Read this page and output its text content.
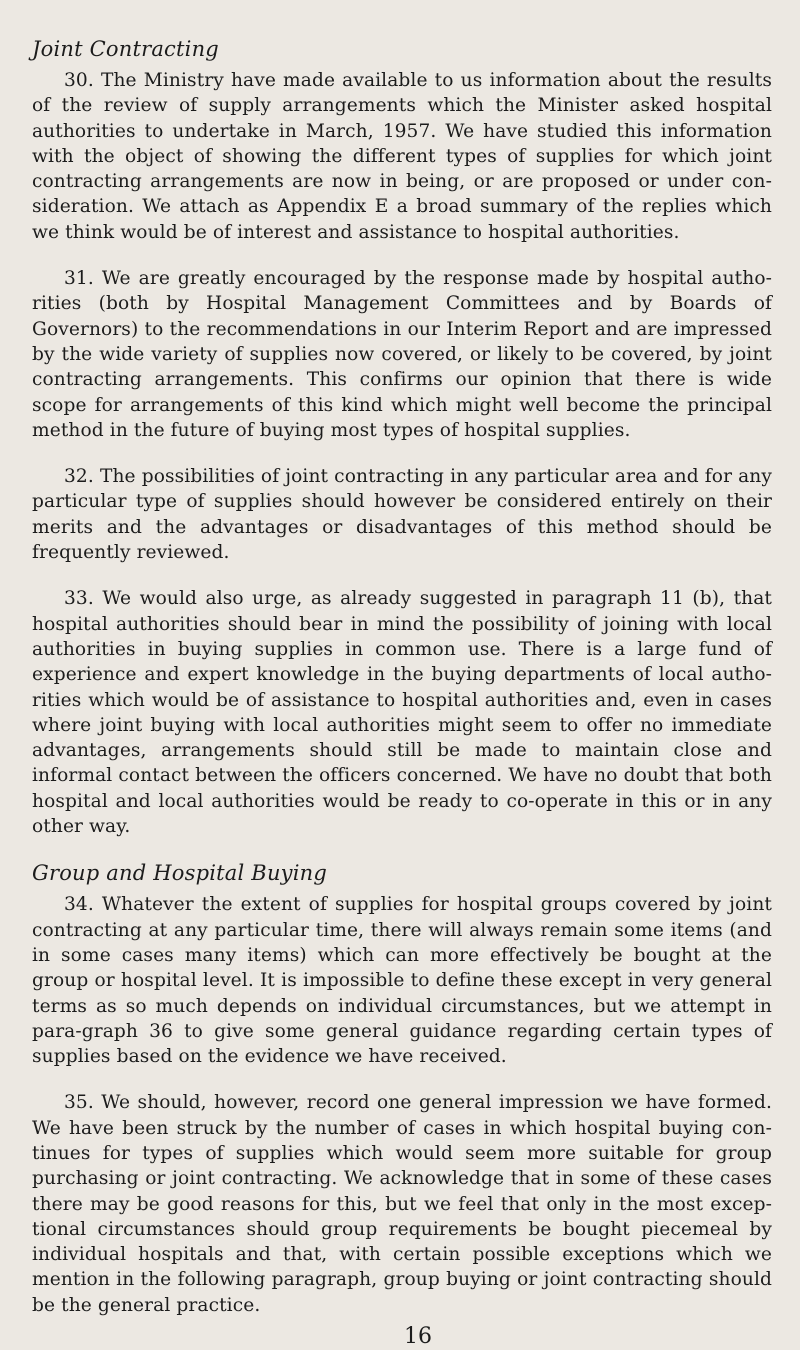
Joint Contracting

30. The Ministry have made available to us information about the results of the review of supply arrangements which the Minister asked hospital authorities to undertake in March, 1957. We have studied this information with the object of showing the different types of supplies for which joint contracting arrangements are now in being, or are proposed or under con-sideration. We attach as Appendix E a broad summary of the replies which we think would be of interest and assistance to hospital authorities.

31. We are greatly encouraged by the response made by hospital autho-rities (both by Hospital Management Committees and by Boards of Governors) to the recommendations in our Interim Report and are impressed by the wide variety of supplies now covered, or likely to be covered, by joint contracting arrangements. This confirms our opinion that there is wide scope for arrangements of this kind which might well become the principal method in the future of buying most types of hospital supplies.

32. The possibilities of joint contracting in any particular area and for any particular type of supplies should however be considered entirely on their merits and the advantages or disadvantages of this method should be frequently reviewed.

33. We would also urge, as already suggested in paragraph 11 (b), that hospital authorities should bear in mind the possibility of joining with local authorities in buying supplies in common use. There is a large fund of experience and expert knowledge in the buying departments of local autho-rities which would be of assistance to hospital authorities and, even in cases where joint buying with local authorities might seem to offer no immediate advantages, arrangements should still be made to maintain close and informal contact between the officers concerned. We have no doubt that both hospital and local authorities would be ready to co-operate in this or in any other way.

Group and Hospital Buying

34. Whatever the extent of supplies for hospital groups covered by joint contracting at any particular time, there will always remain some items (and in some cases many items) which can more effectively be bought at the group or hospital level. It is impossible to define these except in very general terms as so much depends on individual circumstances, but we attempt in para-graph 36 to give some general guidance regarding certain types of supplies based on the evidence we have received.

35. We should, however, record one general impression we have formed. We have been struck by the number of cases in which hospital buying con-tinues for types of supplies which would seem more suitable for group purchasing or joint contracting. We acknowledge that in some of these cases there may be good reasons for this, but we feel that only in the most excep-tional circumstances should group requirements be bought piecemeal by individual hospitals and that, with certain possible exceptions which we mention in the following paragraph, group buying or joint contracting should be the general practice.

16
